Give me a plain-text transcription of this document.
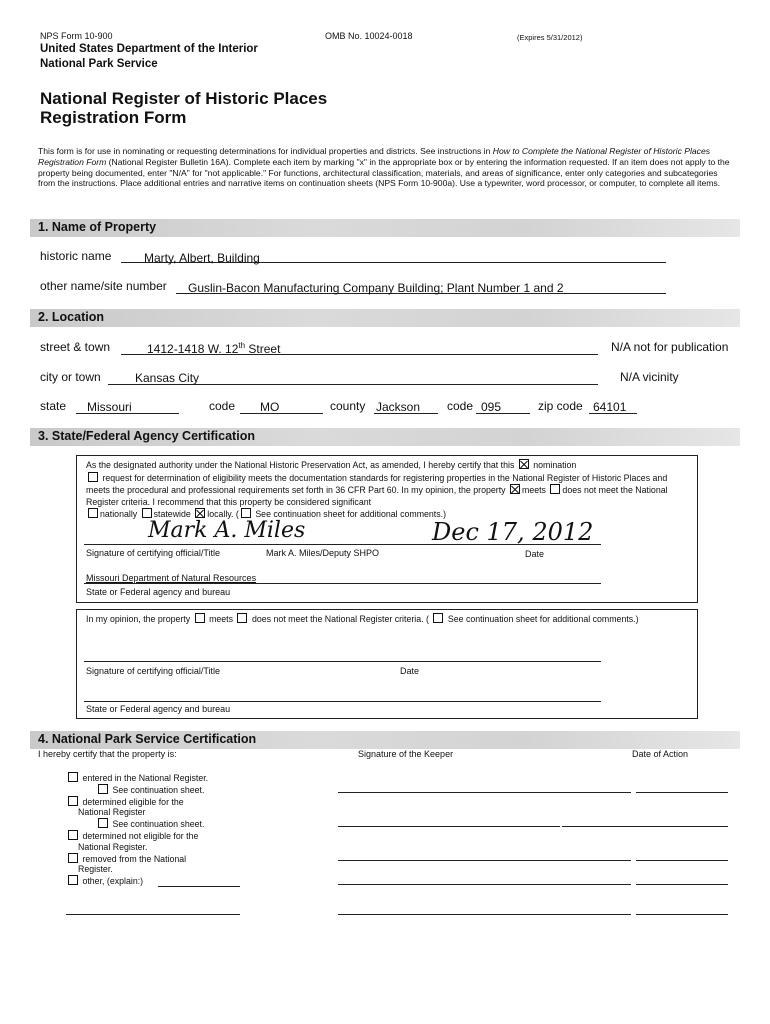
NPS Form 10-900	OMB No. 10024-0018	(Expires 5/31/2012)
United States Department of the Interior
National Park Service
National Register of Historic Places
Registration Form
This form is for use in nominating or requesting determinations for individual properties and districts. See instructions in How to Complete the National Register of Historic Places Registration Form (National Register Bulletin 16A). Complete each item by marking "x" in the appropriate box or by entering the information requested. If an item does not apply to the property being documented, enter "N/A" for "not applicable." For functions, architectural classification, materials, and areas of significance, enter only categories and subcategories from the instructions. Place additional entries and narrative items on continuation sheets (NPS Form 10-900a). Use a typewriter, word processor, or computer, to complete all items.
1. Name of Property
historic name	Marty, Albert, Building
other name/site number Guslin-Bacon Manufacturing Company Building; Plant Number 1 and 2
2. Location
street & town	1412-1418 W. 12th Street	N/A not for publication
city or town	Kansas City	N/A vicinity
state Missouri	code MO	county Jackson code 095	zip code 64101
3. State/Federal Agency Certification
As the designated authority under the National Historic Preservation Act, as amended, I hereby certify that this nomination
request for determination of eligibility meets the documentation standards for registering properties in the National Register of Historic Places and meets the procedural and professional requirements set forth in 36 CFR Part 60. In my opinion, the property meets does not meet the National Register criteria. I recommend that this property be considered significant
nationally statewide locally. ( See continuation sheet for additional comments.)
Mark A. Miles	Dec 17, 2012
Signature of certifying official/Title	Mark A. Miles/Deputy SHPO	Date
Missouri Department of Natural Resources
State or Federal agency and bureau
In my opinion, the property meets does not meet the National Register criteria. ( See continuation sheet for additional comments.)
Signature of certifying official/Title	Date
State or Federal agency and bureau
4. National Park Service Certification
I hereby certify that the property is:	Signature of the Keeper	Date of Action
entered in the National Register.
See continuation sheet.
determined eligible for the
National Register
See continuation sheet.
determined not eligible for the
National Register.
removed from the National
Register.
other, (explain:)
